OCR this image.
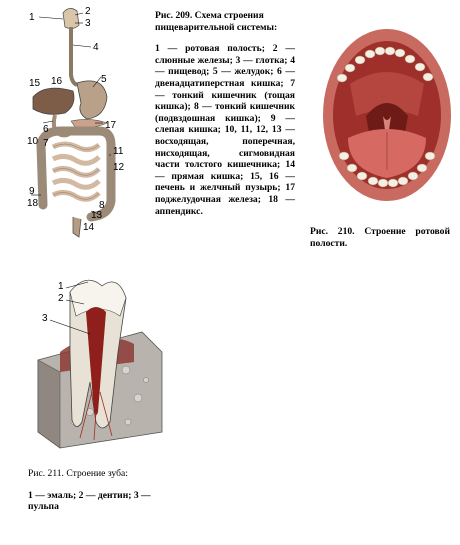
1
2
3
4
5
15 16
6	17
10 7
11
12
9
18	8
13
14
Рис. 209. Схема строения пищеварительной системы:
1 — ротовая полость; 2 — слюнные железы; 3 — глотка; 4 — пищевод; 5 — желудок; 6 — двенадцатиперстная кишка; 7 — тонкий кишечник (тощая кишка); 8 — тонкий кишечник (подвздошная кишка); 9 — слепая кишка; 10, 11, 12, 13 — восходящая, поперечная, нисходящая, сигмовидная части толстого кишечника; 14 — прямая кишка; 15, 16 — печень и желчный пузырь; 17 поджелудочная железа; 18 — аппендикс.
Рис. 210. Строение ротовой полости.
1
2
3
Рис. 211. Строение зуба:
1 — эмаль; 2 — дентин; 3 — пульпа
